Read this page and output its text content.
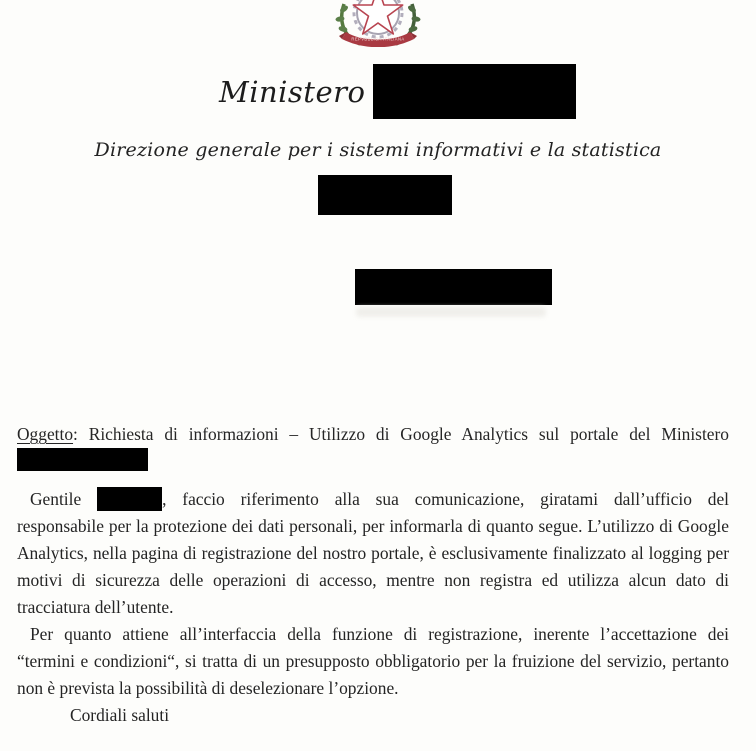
REPVBBLICA ITALIANA
Ministero
Direzione generale per i sistemi informativi e la statistica
Oggetto: Richiesta di informazioni – Utilizzo di Google Analytics sul portale del Ministero
Gentile	, faccio riferimento alla sua comunicazione, giratami dall’ufficio del
responsabile per la protezione dei dati personali, per informarla di quanto segue. L’utilizzo di Google
Analytics, nella pagina di registrazione del nostro portale, è esclusivamente finalizzato al logging per
motivi di sicurezza delle operazioni di accesso, mentre non registra ed utilizza alcun dato di
tracciatura dell’utente.
Per quanto attiene all’interfaccia della funzione di registrazione, inerente l’accettazione dei
“termini e condizioni“, si tratta di un presupposto obbligatorio per la fruizione del servizio, pertanto
non è prevista la possibilità di deselezionare l’opzione.
Cordiali saluti
